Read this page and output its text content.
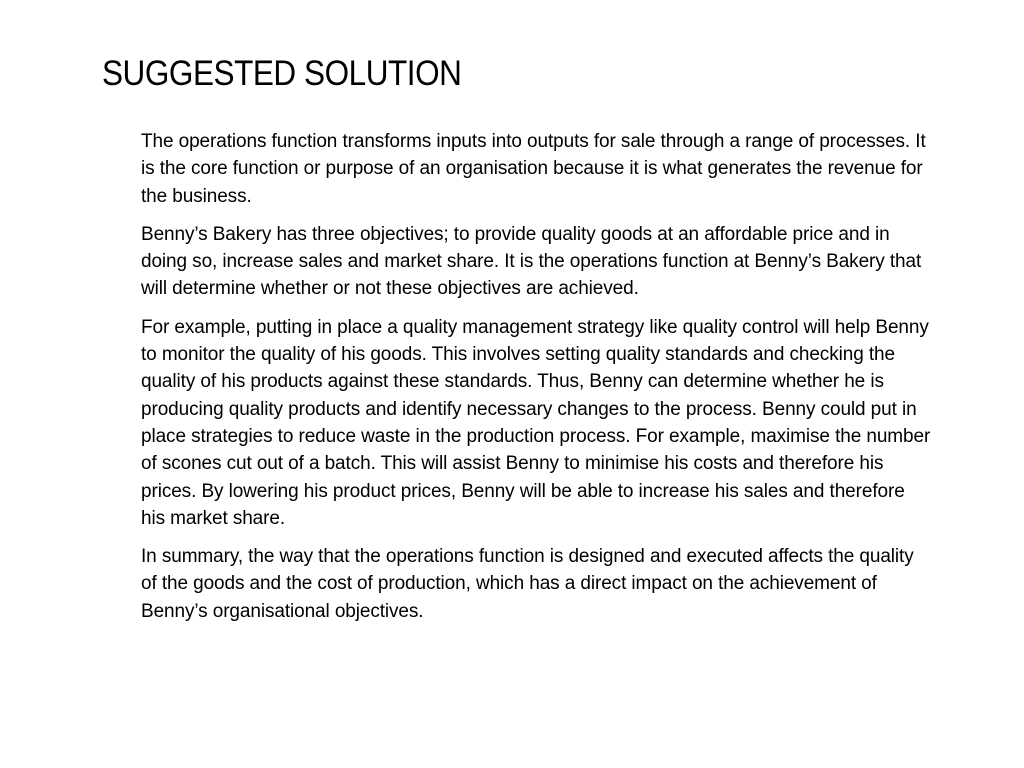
SUGGESTED SOLUTION

The operations function transforms inputs into outputs for sale through a range of processes. It is the core function or purpose of an organisation because it is what generates the revenue for the business.

Benny’s Bakery has three objectives; to provide quality goods at an affordable price and in doing so, increase sales and market share. It is the operations function at Benny’s Bakery that will determine whether or not these objectives are achieved.

For example, putting in place a quality management strategy like quality control will help Benny to monitor the quality of his goods. This involves setting quality standards and checking the quality of his products against these standards. Thus, Benny can determine whether he is producing quality products and identify necessary changes to the process. Benny could put in place strategies to reduce waste in the production process. For example, maximise the number of scones cut out of a batch. This will assist Benny to minimise his costs and therefore his prices. By lowering his product prices, Benny will be able to increase his sales and therefore his market share.

In summary, the way that the operations function is designed and executed affects the quality of the goods and the cost of production, which has a direct impact on the achievement of Benny’s organisational objectives.
